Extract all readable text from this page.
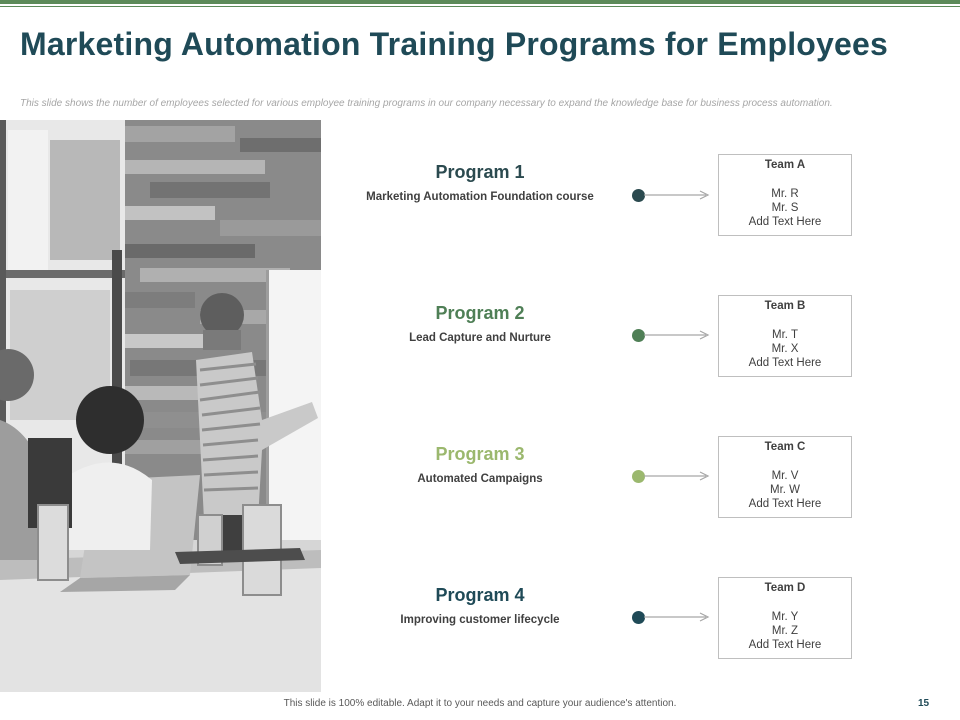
Marketing Automation Training Programs for Employees
This slide shows the number of employees selected for various employee training programs in our company necessary to expand the knowledge base for business process automation.
Program 1
Marketing Automation Foundation course
Team A
Mr. R
Mr. S
Add Text Here
Program 2
Lead Capture and Nurture
Team B
Mr. T
Mr. X
Add Text Here
Program 3
Automated Campaigns
Team C
Mr. V
Mr. W
Add Text Here
Program 4
Improving customer lifecycle
Team D
Mr. Y
Mr. Z
Add Text Here
This slide is 100% editable. Adapt it to your needs and capture your audience's attention.	15
